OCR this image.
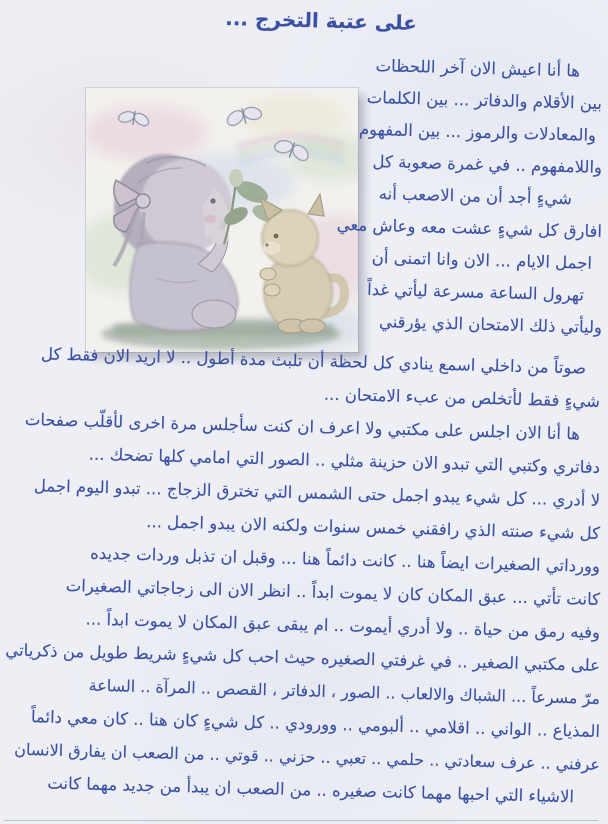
على عتبة التخرج ...
ها أنا اعيش الان آخر اللحظات
بين الأقلام والدفاتر ... بين الكلمات
والمعادلات والرموز ... بين المفهوم
واللامفهوم .. في غمرة صعوبة كل
شيءٍ أجد أن من الاصعب أنه
افارق كل شيءٍ عشت معه وعاش معي
اجمل الايام ... الان وانا اتمنى أن
تهرول الساعة مسرعة ليأتي غداً
وليأتي ذلك الامتحان الذي يؤرقني
صوتاً من داخلي اسمع ينادي كل لحظة أن تلبث مدة أطول .. لا اريد الان فقط كل
شيءٍ فقط لأتخلص من عبء الامتحان ...
ها أنا الان اجلس على مكتبي ولا اعرف ان كنت سأجلس مرة اخرى لأقلّب صفحات
دفاتري وكتبي التي تبدو الان حزينة مثلي .. الصور التي امامي كلها تضحك ...
لا أدري ... كل شيء يبدو اجمل حتى الشمس التي تخترق الزجاج ... تبدو اليوم اجمل
كل شيء صنته الذي رافقني خمس سنوات ولكنه الان يبدو اجمل ...
وورداتي الصغيرات ايضاً هنا .. كانت دائماً هنا ... وقبل ان تذبل وردات جديده
كانت تأتي ... عبق المكان كان لا يموت ابداً .. انظر الان الى زجاجاتي الصغيرات
وفيه رمق من حياة .. ولا أدري أيموت .. ام يبقى عبق المكان لا يموت ابداً ...
على مكتبي الصغير .. في غرفتي الصغيره حيث احب كل شيءٍ شريط طويل من ذكرياتي
مرّ مسرعاً ... الشباك والالعاب .. الصور ، الدفاتر ، القصص .. المرآة .. الساعة
المذياع .. الواني .. اقلامي .. ألبومي .. وورودي .. كل شيءٍ كان هنا .. كان معي دائماً
عرفني .. عرف سعادتي .. حلمي .. تعبي .. حزني .. قوتي .. من الصعب ان يفارق الانسان
الاشياء التي احبها مهما كانت صغيره .. من الصعب ان يبدأ من جديد مهما كانت
